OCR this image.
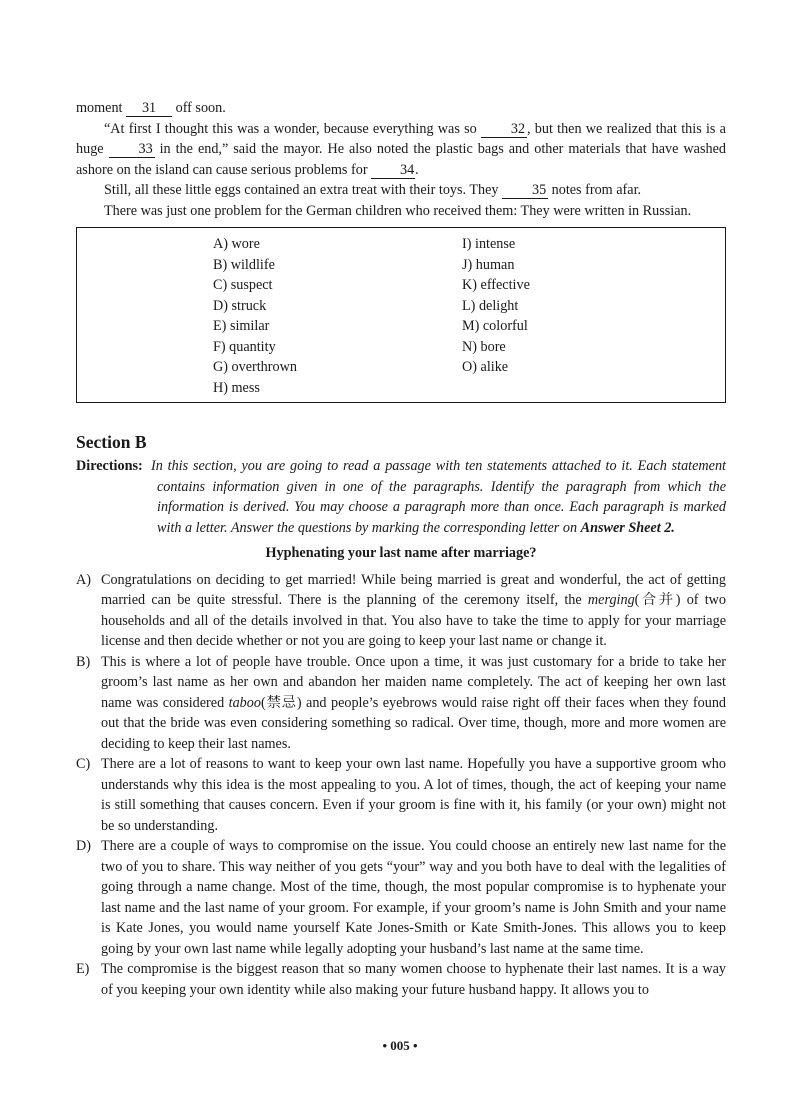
moment 31 off soon.

“At first I thought this was a wonder, because everything was so 32 , but then we realized that this is a huge 33 in the end,” said the mayor. He also noted the plastic bags and other materials that have washed ashore on the island can cause serious problems for 34.

Still, all these little eggs contained an extra treat with their toys. They 35 notes from afar.

There was just one problem for the German children who received them: They were written in Russian.

A) wore
B) wildlife
C) suspect
D) struck
E) similar
F) quantity
G) overthrown
H) mess
I) intense
J) human
K) effective
L) delight
M) colorful
N) bore
O) alike
Section B
Directions: In this section, you are going to read a passage with ten statements attached to it. Each statement contains information given in one of the paragraphs. Identify the paragraph from which the information is derived. You may choose a paragraph more than once. Each paragraph is marked with a letter. Answer the questions by marking the corresponding letter on Answer Sheet 2.
Hyphenating your last name after marriage?
A) Congratulations on deciding to get married! While being married is great and wonderful, the act of getting married can be quite stressful. There is the planning of the ceremony itself, the merging(合并) of two households and all of the details involved in that. You also have to take the time to apply for your marriage license and then decide whether or not you are going to keep your last name or change it.
B) This is where a lot of people have trouble. Once upon a time, it was just customary for a bride to take her groom’s last name as her own and abandon her maiden name completely. The act of keeping her own last name was considered taboo(禁忌) and people’s eyebrows would raise right off their faces when they found out that the bride was even considering something so radical. Over time, though, more and more women are deciding to keep their last names.
C) There are a lot of reasons to want to keep your own last name. Hopefully you have a supportive groom who understands why this idea is the most appealing to you. A lot of times, though, the act of keeping your name is still something that causes concern. Even if your groom is fine with it, his family (or your own) might not be so understanding.
D) There are a couple of ways to compromise on the issue. You could choose an entirely new last name for the two of you to share. This way neither of you gets “your” way and you both have to deal with the legalities of going through a name change. Most of the time, though, the most popular compromise is to hyphenate your last name and the last name of your groom. For example, if your groom’s name is John Smith and your name is Kate Jones, you would name yourself Kate Jones-Smith or Kate Smith-Jones. This allows you to keep going by your own last name while legally adopting your husband’s last name at the same time.
E) The compromise is the biggest reason that so many women choose to hyphenate their last names. It is a way of you keeping your own identity while also making your future husband happy. It allows you to
• 005 •
